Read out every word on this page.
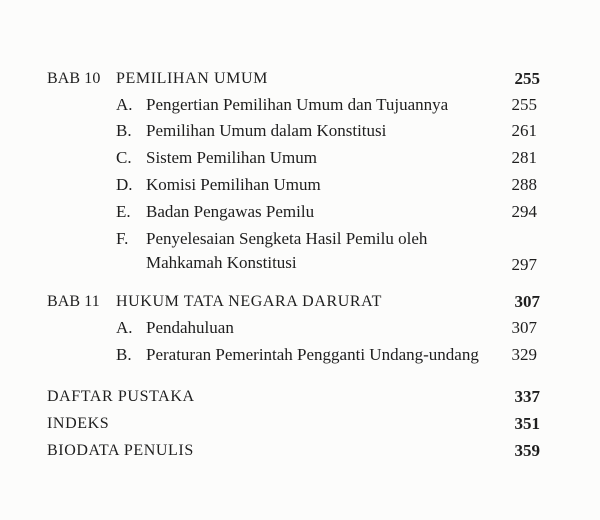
BAB 10 PEMILIHAN UMUM	255
A. Pengertian Pemilihan Umum dan Tujuannya	255
B. Pemilihan Umum dalam Konstitusi	261
C. Sistem Pemilihan Umum	281
D. Komisi Pemilihan Umum	288
E. Badan Pengawas Pemilu	294
F. Penyelesaian Sengketa Hasil Pemilu oleh
Mahkamah Konstitusi	297
BAB 11 HUKUM TATA NEGARA DARURAT	307
A. Pendahuluan	307
B. Peraturan Pemerintah Pengganti Undang-undang 329
DAFTAR PUSTAKA	337
INDEKS	351
BIODATA PENULIS	359
